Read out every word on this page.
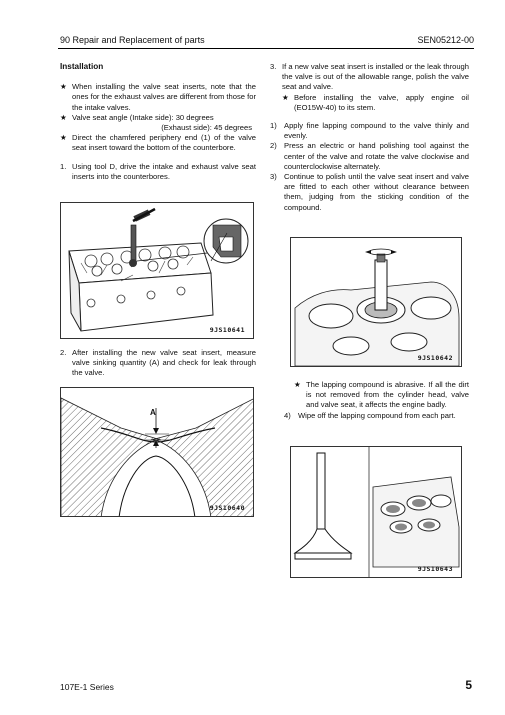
90 Repair and Replacement of parts	SEN05212-00
Installation
★ When installing the valve seat inserts, note that the ones for the exhaust valves are different from those for the intake valves.
★ Valve seat angle (Intake side): 30 degrees
(Exhaust side): 45 degrees
★ Direct the chamfered periphery end (1) of the valve seat insert toward the bottom of the counterbore.
1. Using tool D, drive the intake and exhaust valve seat inserts into the counterbores.
9JS10641
2. After installing the new valve seat insert, measure valve sinking quantity (A) and check for leak through the valve.
A
9JS10640
3. If a new valve seat insert is installed or the leak through the valve is out of the allowable range, polish the valve seat and valve.
★ Before installing the valve, apply engine oil (EO15W-40) to its stem.
1) Apply fine lapping compound to the valve thinly and evenly.
2) Press an electric or hand polishing tool against the center of the valve and rotate the valve clockwise and counterclockwise alternately.
3) Continue to polish until the valve seat insert and valve are fitted to each other without clearance between them, judging from the sticking condition of the compound.
9JS10642
★ The lapping compound is abrasive. If all the dirt is not removed from the cylinder head, valve and valve seat, it affects the engine badly.
4) Wipe off the lapping compound from each part.
9JS10643
107E-1 Series	5
